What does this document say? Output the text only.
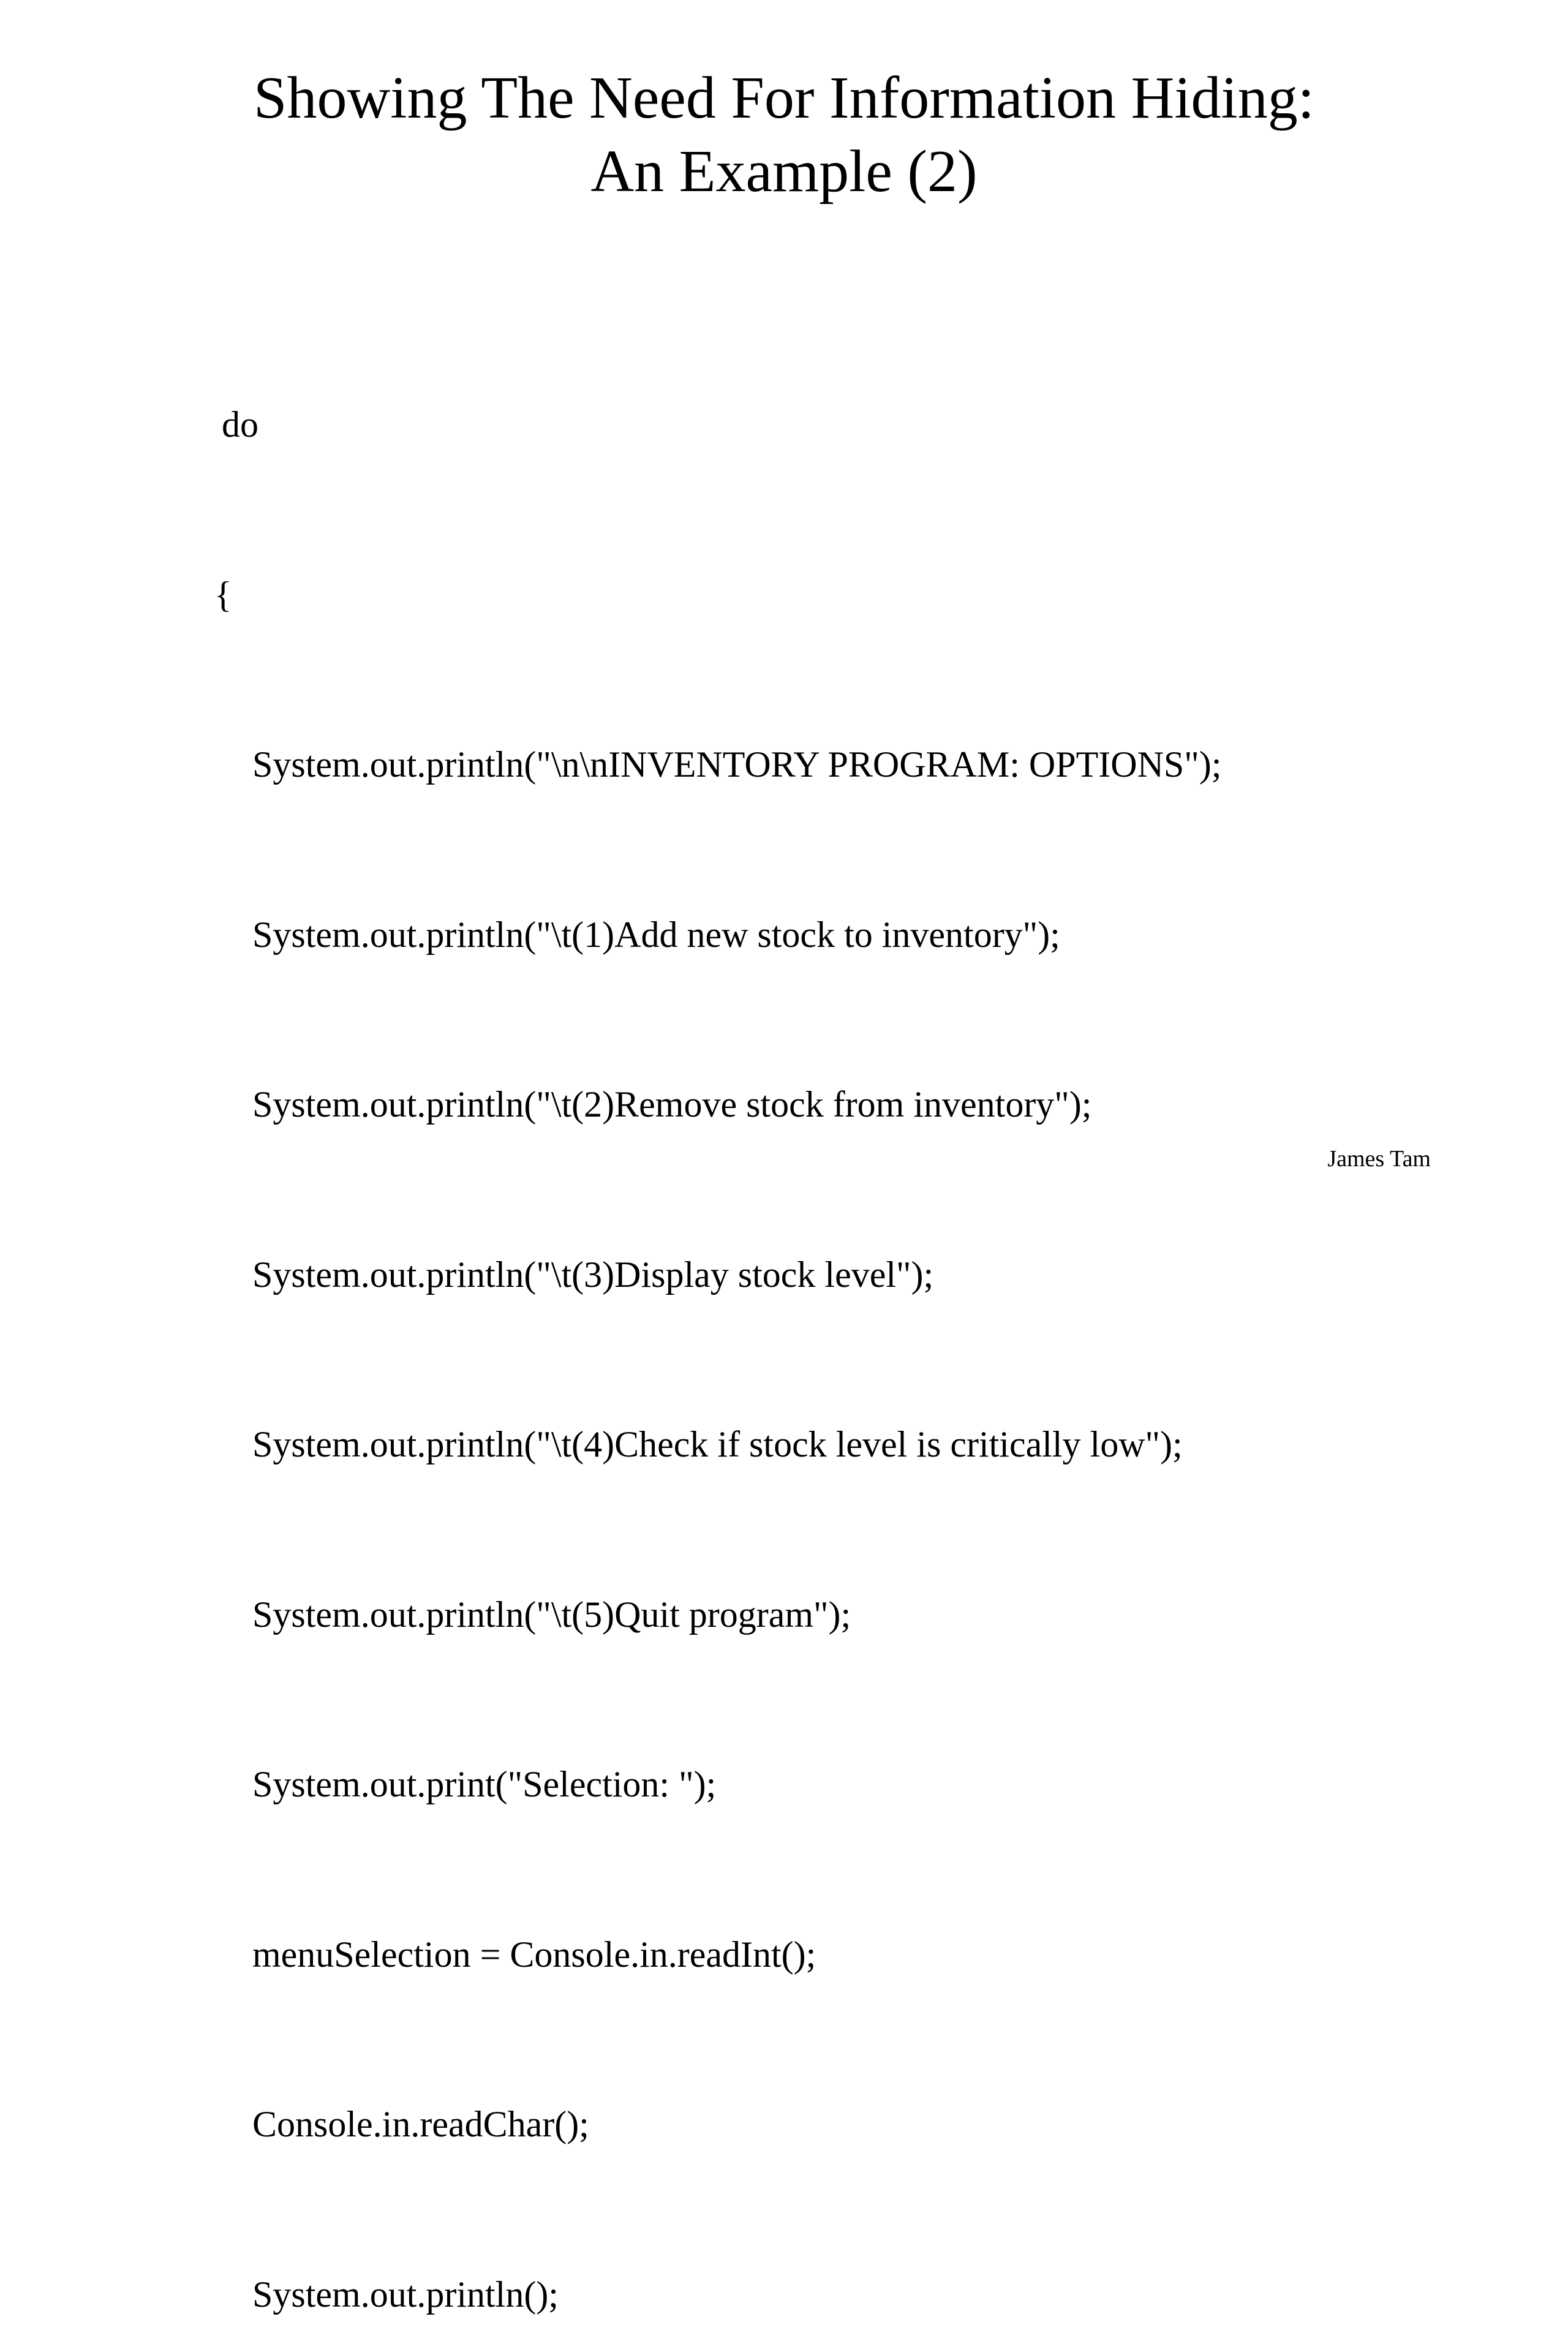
Showing The Need For Information Hiding:
An Example (2)

do

{

System.out.println("\n\nINVENTORY PROGRAM: OPTIONS");

System.out.println("\t(1)Add new stock to inventory");

System.out.println("\t(2)Remove stock from inventory");

System.out.println("\t(3)Display stock level");

System.out.println("\t(4)Check if stock level is critically low");

System.out.println("\t(5)Quit program");

System.out.print("Selection: ");

menuSelection = Console.in.readInt();

Console.in.readChar();

System.out.println();

James Tam
